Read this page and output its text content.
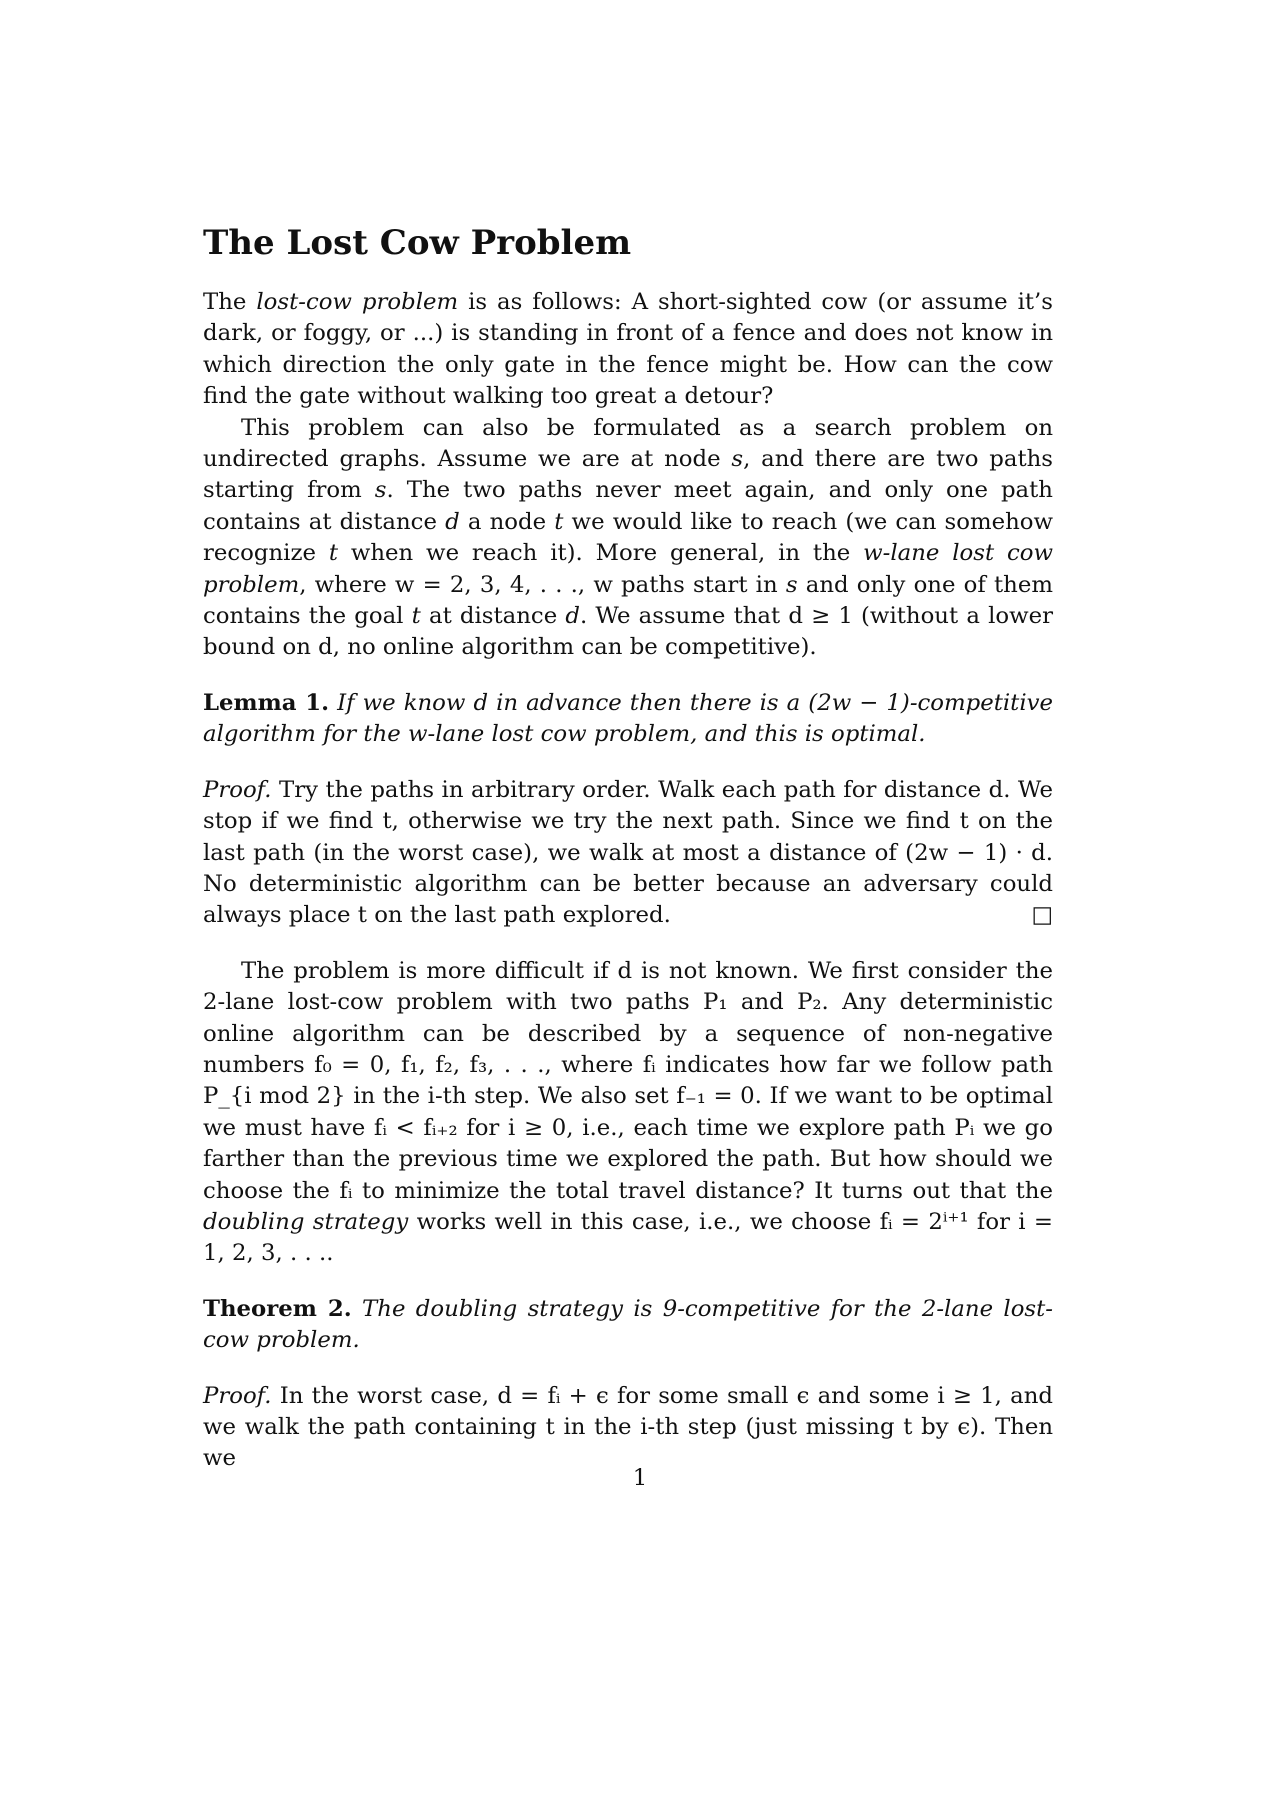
The Lost Cow Problem

The lost-cow problem is as follows: A short-sighted cow (or assume it’s dark, or foggy, or ...) is standing in front of a fence and does not know in which direction the only gate in the fence might be. How can the cow find the gate without walking too great a detour?

This problem can also be formulated as a search problem on undirected graphs. Assume we are at node s, and there are two paths starting from s. The two paths never meet again, and only one path contains at distance d a node t we would like to reach (we can somehow recognize t when we reach it). More general, in the w-lane lost cow problem, where w = 2, 3, 4, . . ., w paths start in s and only one of them contains the goal t at distance d. We assume that d ≥ 1 (without a lower bound on d, no online algorithm can be competitive).

Lemma 1. If we know d in advance then there is a (2w − 1)-competitive algorithm for the w-lane lost cow problem, and this is optimal.

Proof. Try the paths in arbitrary order. Walk each path for distance d. We stop if we find t, otherwise we try the next path. Since we find t on the last path (in the worst case), we walk at most a distance of (2w − 1) · d. No deterministic algorithm can be better because an adversary could always place t on the last path explored.	□

The problem is more difficult if d is not known. We first consider the 2-lane lost-cow problem with two paths P₁ and P₂. Any deterministic online algorithm can be described by a sequence of non-negative numbers f₀ = 0, f₁, f₂, f₃, . . ., where fᵢ indicates how far we follow path P_{i mod 2} in the i-th step. We also set f₋₁ = 0. If we want to be optimal we must have fᵢ < fᵢ₊₂ for i ≥ 0, i.e., each time we explore path Pᵢ we go farther than the previous time we explored the path. But how should we choose the fᵢ to minimize the total travel distance? It turns out that the doubling strategy works well in this case, i.e., we choose fᵢ = 2ⁱ⁺¹ for i = 1, 2, 3, . . ..

Theorem 2. The doubling strategy is 9-competitive for the 2-lane lost-cow problem.

Proof. In the worst case, d = fᵢ + ϵ for some small ϵ and some i ≥ 1, and we walk the path containing t in the i-th step (just missing t by ϵ). Then we

1
